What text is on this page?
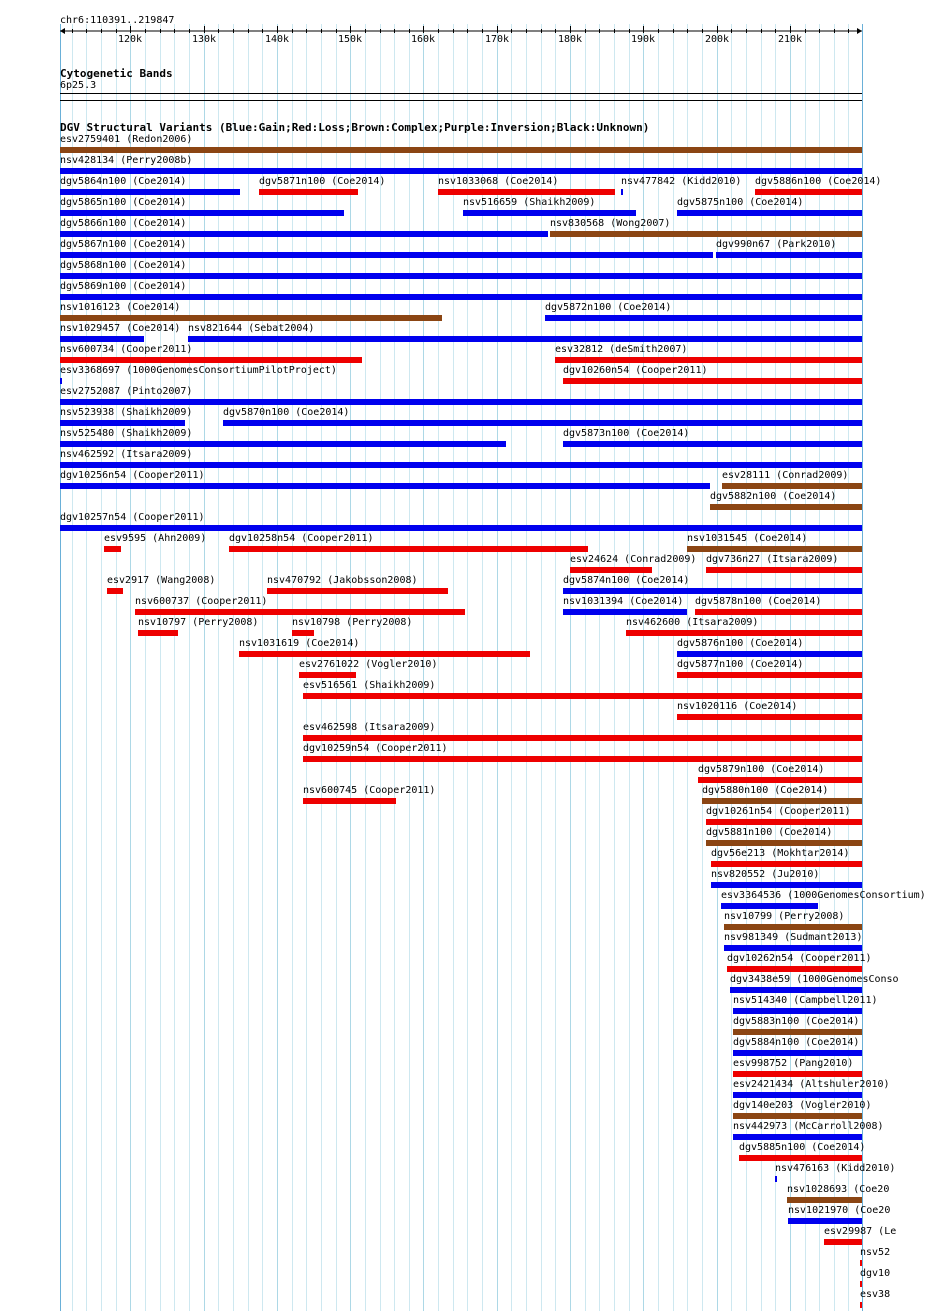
chr6:110391..219847
120k	130k	140k	150k	160k	170k	180k	190k	200k	210k
Cytogenetic Bands
6p25.3
DGV Structural Variants (Blue:Gain;Red:Loss;Brown:Complex;Purple:Inversion;Black:Unknown)
esv2759401 (Redon2006)
nsv428134 (Perry2008b)
dgv5864n100 (Coe2014)	dgv5871n100 (Coe2014)	nsv1033068 (Coe2014)	nsv477842 (Kidd2010) dgv5886n100 (Coe2014)
dgv5865n100 (Coe2014)	nsv516659 (Shaikh2009)	dgv5875n100 (Coe2014)
dgv5866n100 (Coe2014)	nsv830568 (Wong2007)
dgv5867n100 (Coe2014)	dgv990n67 (Park2010)
dgv5868n100 (Coe2014)
dgv5869n100 (Coe2014)
nsv1016123 (Coe2014)	dgv5872n100 (Coe2014)
nsv1029457 (Coe2014) nsv821644 (Sebat2004)
nsv600734 (Cooper2011)	esv32812 (deSmith2007)
esv3368697 (1000GenomesConsortiumPilotProject)	dgv10260n54 (Cooper2011)
esv2752087 (Pinto2007)
nsv523938 (Shaikh2009)	dgv5870n100 (Coe2014)
nsv525480 (Shaikh2009)	dgv5873n100 (Coe2014)
nsv462592 (Itsara2009)
dgv10256n54 (Cooper2011)
dgv5882n100 (Coe2014)
dgv10257n54 (Cooper2011)
esv9595 (Ahn2009) dgv10258n54 (Cooper2011)
esv24624 (Conrad2009)
esv28111 (Conrad2009)
esv2917 (Wang2008)	nsv470792 (Jakobsson2008)	dgv5874n100 (Coe2014)
nsv600737 (Cooper2011)	nsv1031394 (Coe2014)
nsv1031545 (Coe2014)
nsv10797 (Perry2008)	nsv10798 (Perry2008)	nsv462600 (Itsara2009)
nsv1031619 (Coe2014)	dgv5876n100 (Coe2014)
esv2761022 (Vogler2010)	dgv5877n100 (Coe2014)
esv516561 (Shaikh2009)
nsv1020116 (Coe2014)
esv462598 (Itsara2009)
dgv5878n100 (Coe2014)
dgv10259n54 (Cooper2011)
dgv5879n100 (Coe2014)
nsv600745 (Cooper2011)	dgv5880n100 (Coe2014)
dgv736n27 (Itsara2009)
dgv10261n54 (Cooper2011)
dgv5881n100 (Coe2014)
dgv56e213 (Mokhtar2014)
nsv820552 (Ju2010)
esv3364536 (1000GenomesConsortium)
nsv10799 (Perry2008)
nsv981349 (Sudmant2013)
dgv10262n54 (Cooper2011)
dgv3438e59 (1000GenomesConso
nsv514340 (Campbell2011)
dgv5883n100 (Coe2014)
dgv5884n100 (Coe2014)
esv998752 (Pang2010)
esv2421434 (Altshuler2010)
dgv140e203 (Vogler2010)
nsv442973 (McCarroll2008)
dgv5885n100 (Coe2014)
nsv476163 (Kidd2010)
nsv1028693 (Coe20
nsv1021970 (Coe20
esv29987 (Le
nsv52
dgv10
esv38
